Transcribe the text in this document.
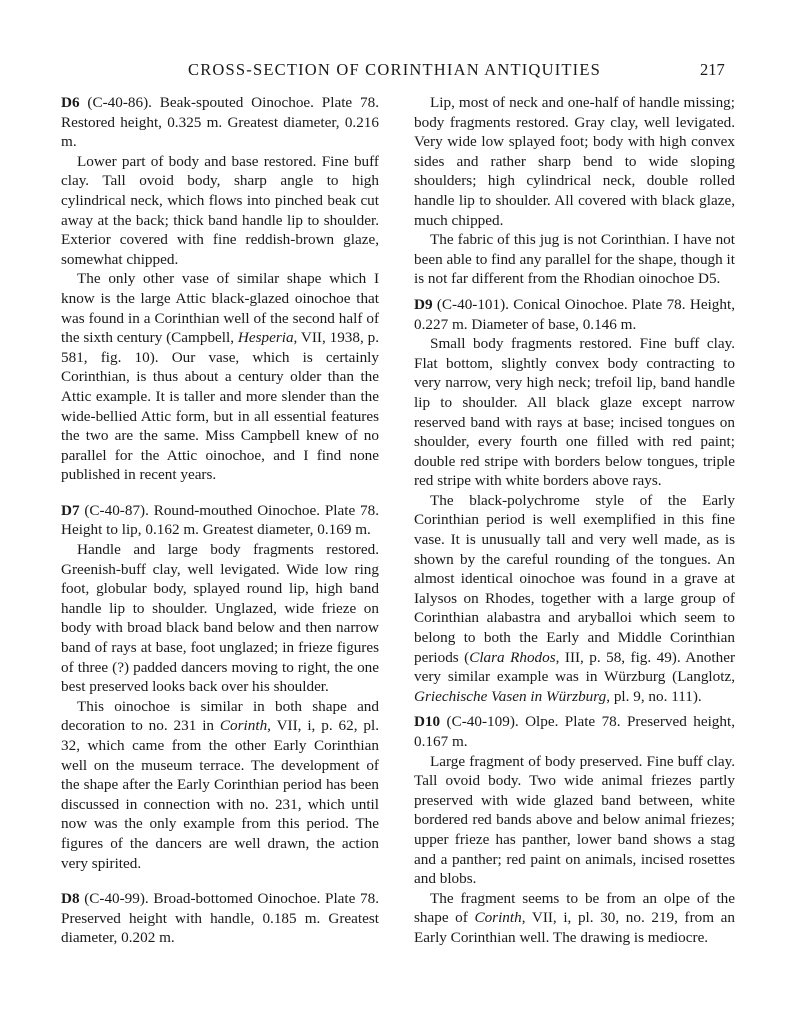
CROSS-SECTION OF CORINTHIAN ANTIQUITIES	217

D6 (C-40-86). Beak-spouted Oinochoe. Plate 78. Restored height, 0.325 m. Greatest diameter, 0.216 m.

Lower part of body and base restored. Fine buff clay. Tall ovoid body, sharp angle to high cylindrical neck, which flows into pinched beak cut away at the back; thick band handle lip to shoulder. Exterior covered with fine reddish-brown glaze, somewhat chipped.

The only other vase of similar shape which I know is the large Attic black-glazed oinochoe that was found in a Corinthian well of the second half of the sixth century (Campbell, Hesperia, VII, 1938, p. 581, fig. 10). Our vase, which is certainly Corinthian, is thus about a century older than the Attic example. It is taller and more slender than the wide-bellied Attic form, but in all essential features the two are the same. Miss Campbell knew of no parallel for the Attic oinochoe, and I find none published in recent years.

D7 (C-40-87). Round-mouthed Oinochoe. Plate 78. Height to lip, 0.162 m. Greatest diameter, 0.169 m.

Handle and large body fragments restored. Greenish-buff clay, well levigated. Wide low ring foot, globular body, splayed round lip, high band handle lip to shoulder. Unglazed, wide frieze on body with broad black band below and then narrow band of rays at base, foot unglazed; in frieze figures of three (?) padded dancers moving to right, the one best preserved looks back over his shoulder.

This oinochoe is similar in both shape and decoration to no. 231 in Corinth, VII, i, p. 62, pl. 32, which came from the other Early Corinthian well on the museum terrace. The development of the shape after the Early Corinthian period has been discussed in connection with no. 231, which until now was the only example from this period. The figures of the dancers are well drawn, the action very spirited.

D8 (C-40-99). Broad-bottomed Oinochoe. Plate 78. Preserved height with handle, 0.185 m. Greatest diameter, 0.202 m.

Lip, most of neck and one-half of handle missing; body fragments restored. Gray clay, well levigated. Very wide low splayed foot; body with high convex sides and rather sharp bend to wide sloping shoulders; high cylindrical neck, double rolled handle lip to shoulder. All covered with black glaze, much chipped.

The fabric of this jug is not Corinthian. I have not been able to find any parallel for the shape, though it is not far different from the Rhodian oinochoe D5.

D9 (C-40-101). Conical Oinochoe. Plate 78. Height, 0.227 m. Diameter of base, 0.146 m.

Small body fragments restored. Fine buff clay. Flat bottom, slightly convex body contracting to very narrow, very high neck; trefoil lip, band handle lip to shoulder. All black glaze except narrow reserved band with rays at base; incised tongues on shoulder, every fourth one filled with red paint; double red stripe with borders below tongues, triple red stripe with white borders above rays.

The black-polychrome style of the Early Corinthian period is well exemplified in this fine vase. It is unusually tall and very well made, as is shown by the careful rounding of the tongues. An almost identical oinochoe was found in a grave at Ialysos on Rhodes, together with a large group of Corinthian alabastra and aryballoi which seem to belong to both the Early and Middle Corinthian periods (Clara Rhodos, III, p. 58, fig. 49). Another very similar example was in Würzburg (Langlotz, Griechische Vasen in Würzburg, pl. 9, no. 111).

D10 (C-40-109). Olpe. Plate 78. Preserved height, 0.167 m.

Large fragment of body preserved. Fine buff clay. Tall ovoid body. Two wide animal friezes partly preserved with wide glazed band between, white bordered red bands above and below animal friezes; upper frieze has panther, lower band shows a stag and a panther; red paint on animals, incised rosettes and blobs.

The fragment seems to be from an olpe of the shape of Corinth, VII, i, pl. 30, no. 219, from an Early Corinthian well. The drawing is mediocre.
